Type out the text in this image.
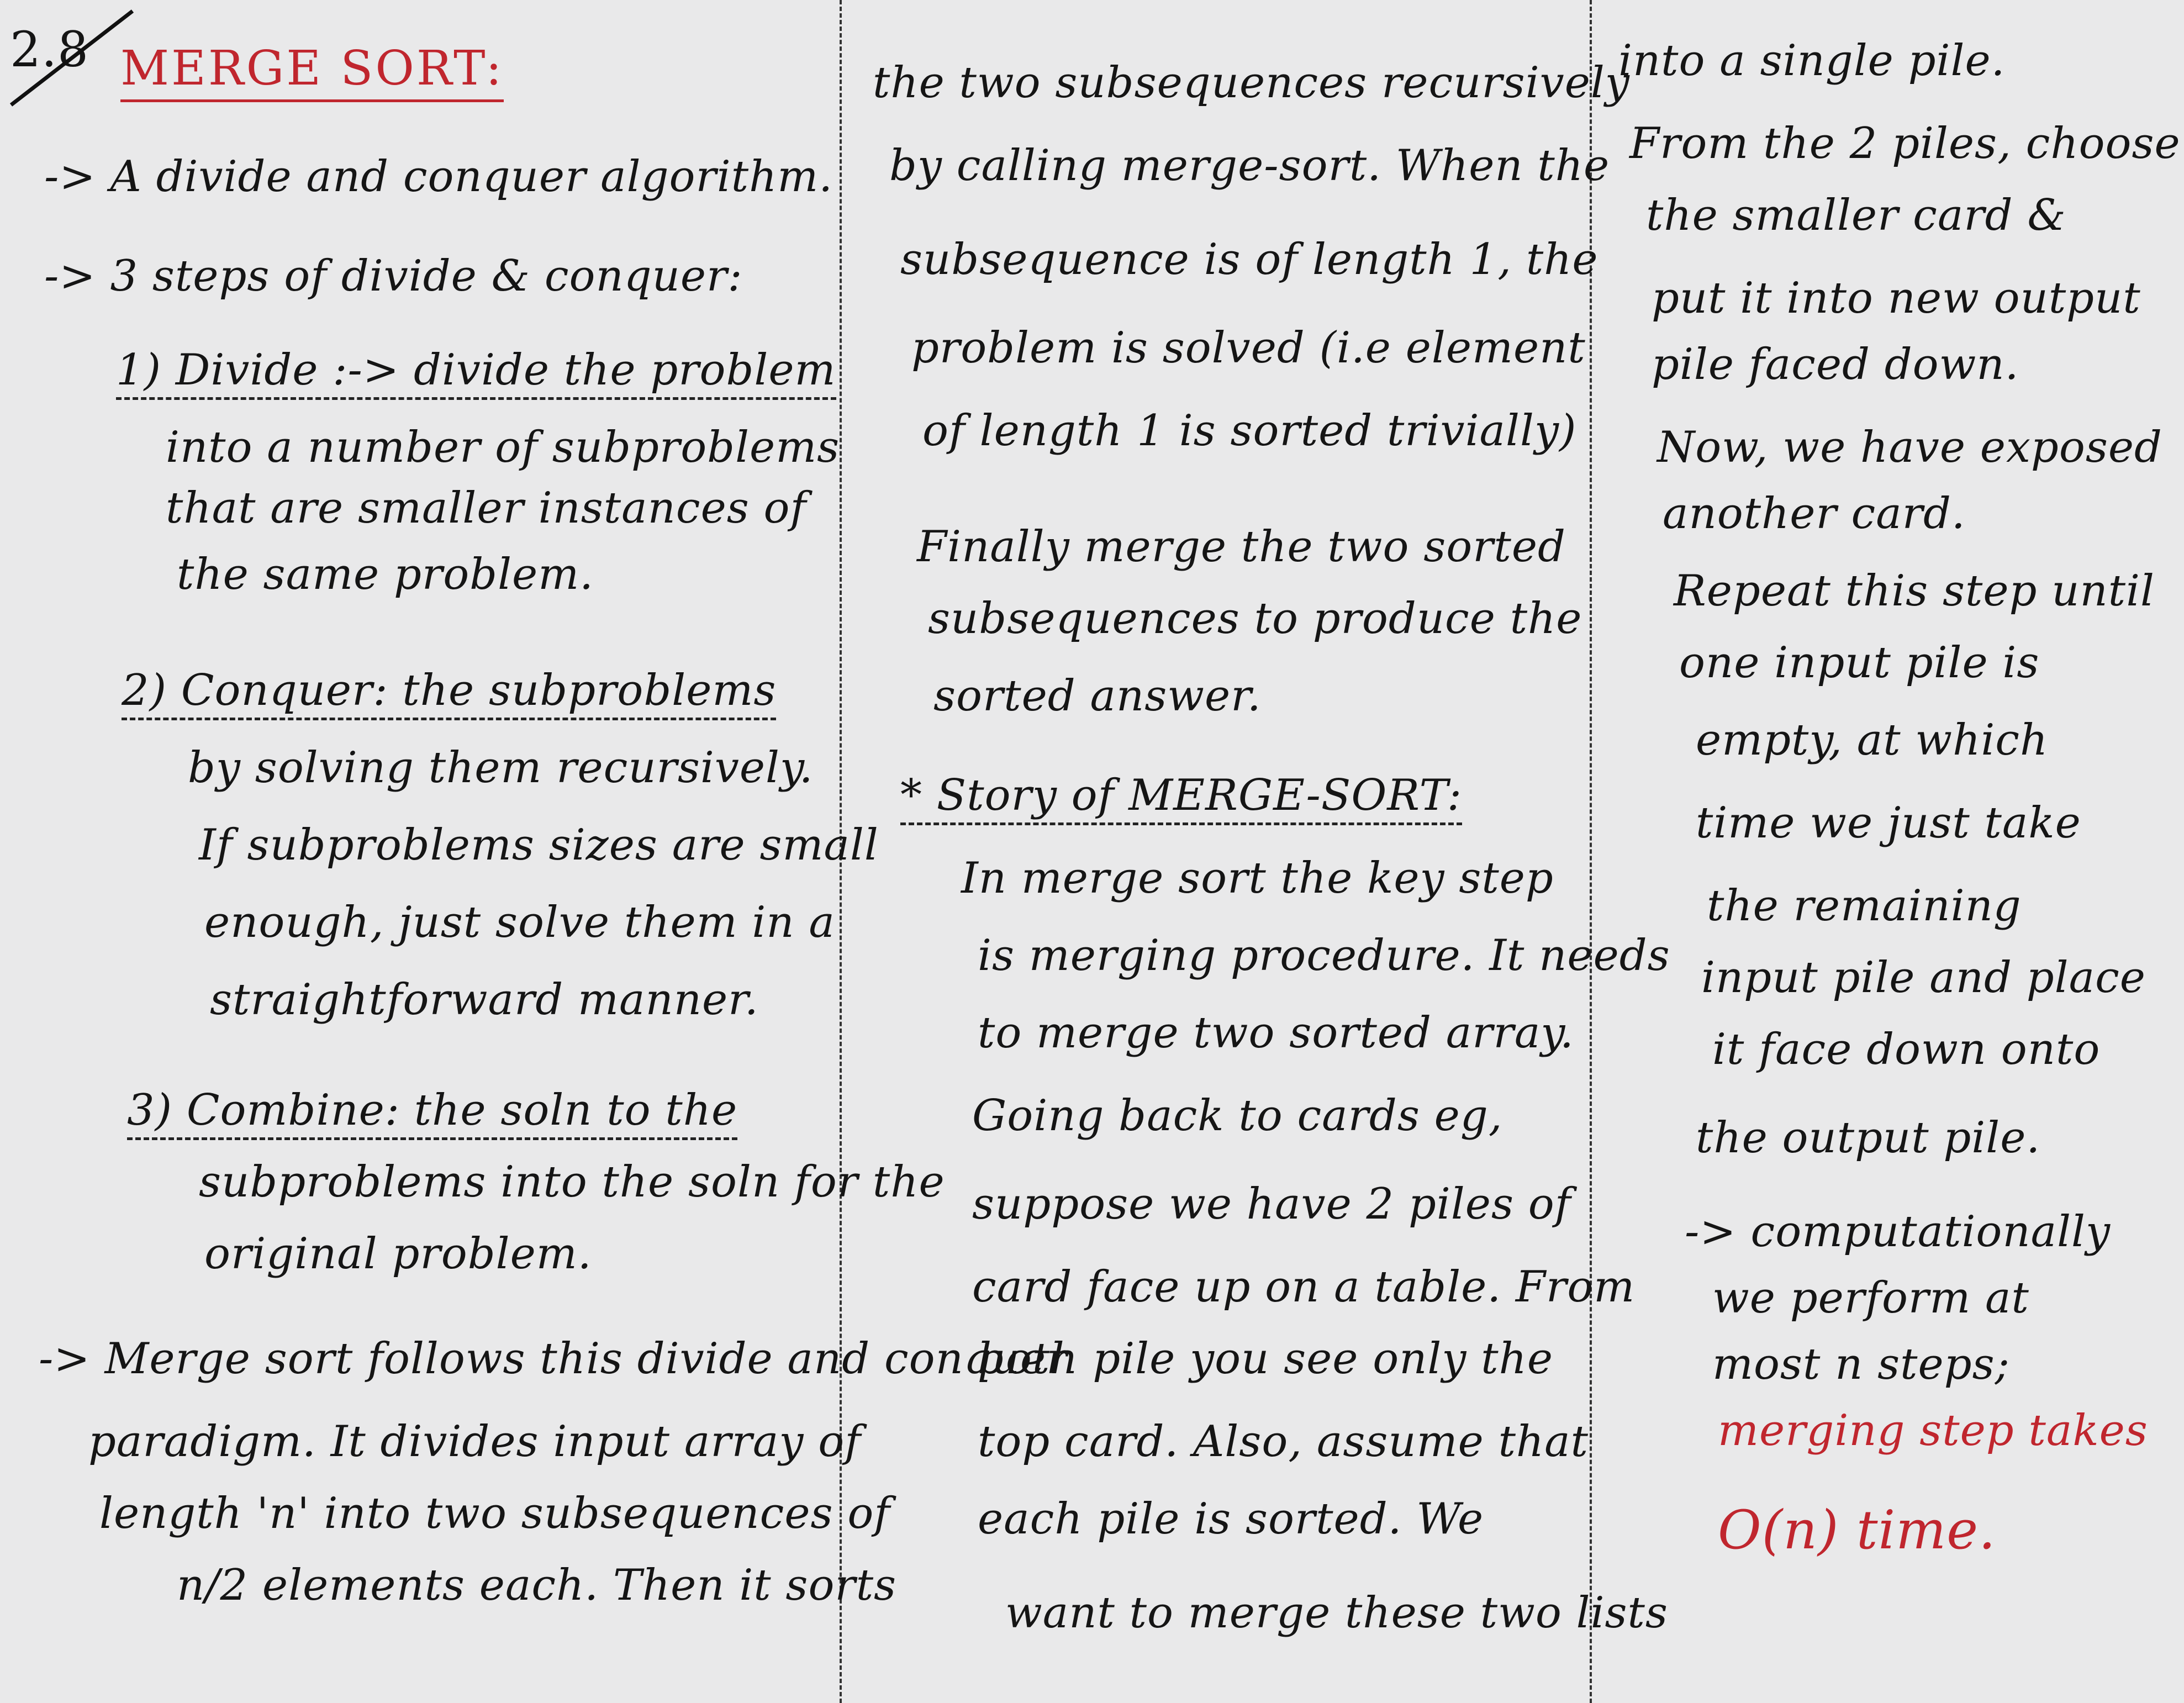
2.8 MERGE SORT:
-> A divide and conquer algorithm.
-> 3 steps of divide & conquer:
1) Divide :-> divide the problem
into a number of subproblems
that are smaller instances of
the same problem.
2) Conquer: the subproblems
by solving them recursively.
If subproblems sizes are small
enough, just solve them in a
straightforward manner.
3) Combine: the soln to the
subproblems into the soln for the
original problem.
-> Merge sort follows this divide and conquer
paradigm. It divides input array of
length 'n' into two subsequences of
n/2 elements each. Then it sorts
the two subsequences recursively
by calling merge-sort. When the
subsequence is of length 1, the
problem is solved (i.e element
of length 1 is sorted trivially)
Finally merge the two sorted
subsequences to produce the
sorted answer.
* Story of MERGE-SORT:
In merge sort the key step
is merging procedure. It needs
to merge two sorted array.
Going back to cards eg,
suppose we have 2 piles of
card face up on a table. From
both pile you see only the
top card. Also, assume that
each pile is sorted. We
want to merge these two lists
into a single pile.
From the 2 piles, choose
the smaller card &
put it into new output
pile faced down.
Now, we have exposed
another card.
Repeat this step until
one input pile is
empty, at which
time we just take
the remaining
input pile and place
it face down onto
the output pile.
-> computationally
we perform at
most n steps;
merging step takes
O(n) time.
